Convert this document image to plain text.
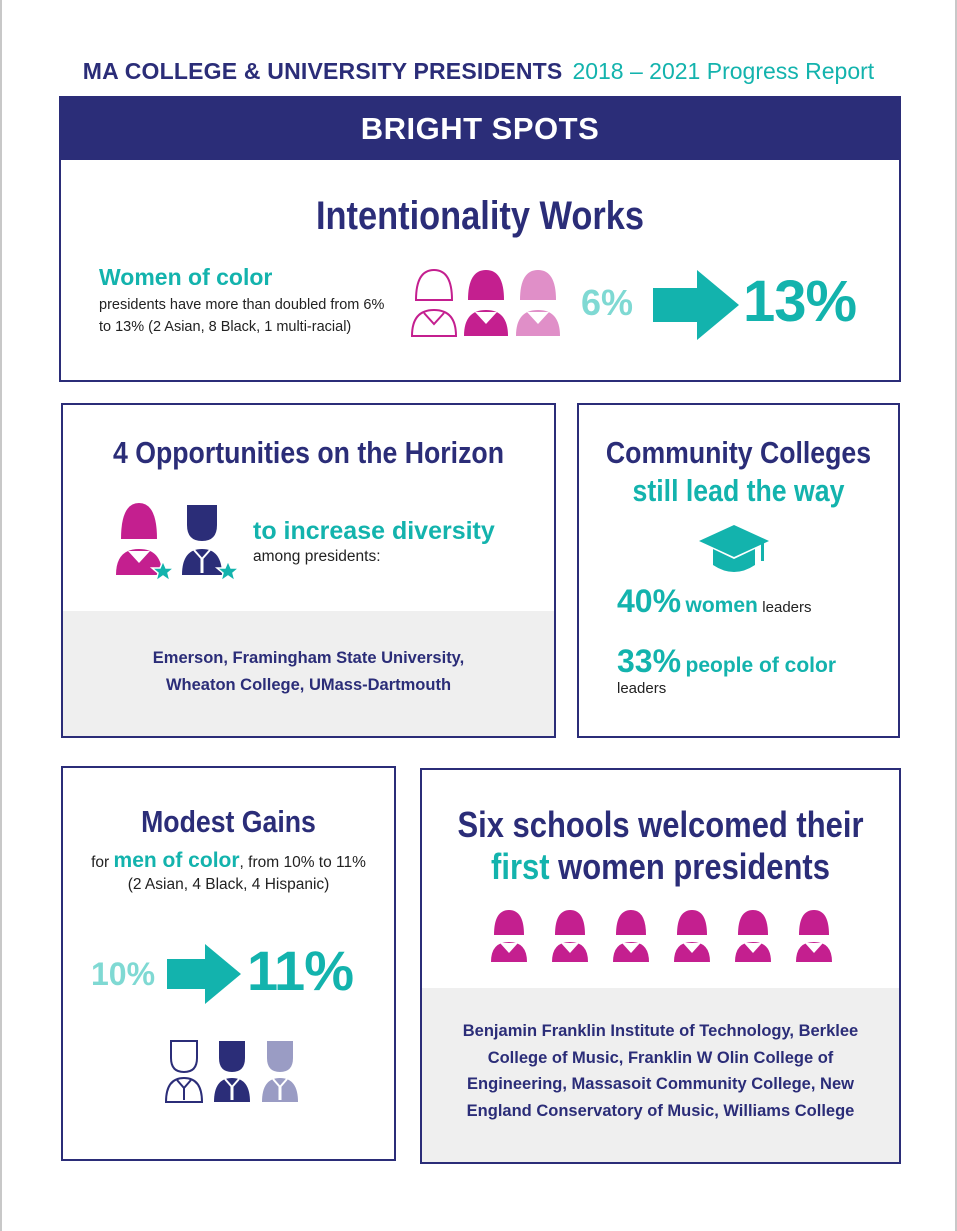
MA COLLEGE & UNIVERSITY PRESIDENTS 2018 – 2021 Progress Report
BRIGHT SPOTS
Intentionality Works
Women of color
presidents have more than doubled from 6% to 13% (2 Asian, 8 Black, 1 multi-racial)
6% 13%
4 Opportunities on the Horizon
to increase diversity
among presidents:
Emerson, Framingham State University,
Wheaton College, UMass-Dartmouth
Community Colleges
still lead the way
40% women leaders
33% people of color
leaders
Modest Gains
for men of color, from 10% to 11%
(2 Asian, 4 Black, 4 Hispanic)
10% 11%
Six schools welcomed their
first women presidents
Benjamin Franklin Institute of Technology, Berklee College of Music, Franklin W Olin College of Engineering, Massasoit Community College, New England Conservatory of Music, Williams College
